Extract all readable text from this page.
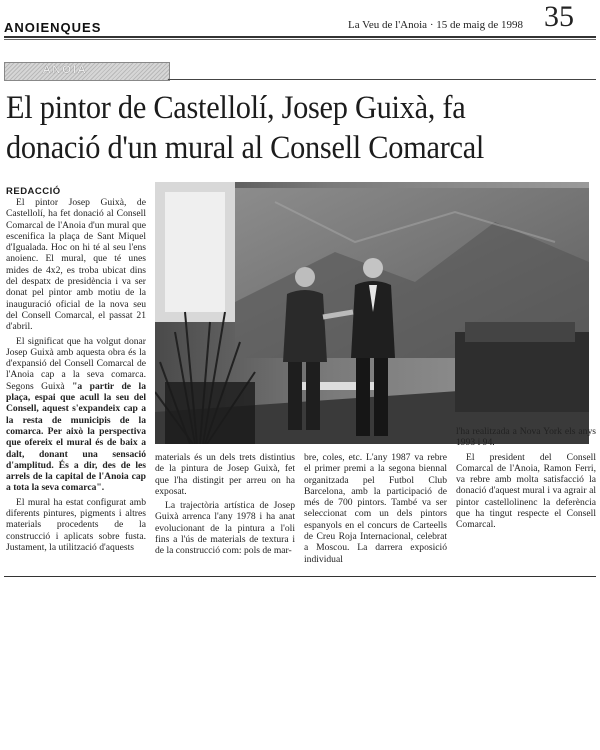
ANOIENQUES	La Veu de l'Anoia · 15 de maig de 1998 35
ANOIA
El pintor de Castellolí, Josep Guixà, fa donació d'un mural al Consell Comarcal
REDACCIÓ

El pintor Josep Guixà, de Castellolí, ha fet donació al Consell Comarcal de l'Anoia d'un mural que escenifica la plaça de Sant Miquel d'Igualada. Hoc on hi té al seu l'ens anoienc. El mural, que té unes mides de 4x2, es troba ubicat dins del despatx de presidència i va ser donat pel pintor amb motiu de la inauguració oficial de la nova seu del Consell Comarcal, el passat 21 d'abril.

El significat que ha volgut donar Josep Guixà amb aquesta obra és la d'expansió del Consell Comarcal de l'Anoia cap a la seva comarca. Segons Guixà "a partir de la plaça, espai que acull la seu del Consell, aquest s'expandeix cap a la resta de municipis de la comarca. Per això la perspectiva que ofereix el mural és de baix a dalt, donant una sensació d'amplitud. És a dir, des de les arrels de la capital de l'Anoia cap a tota la seva comarca".

El mural ha estat configurat amb diferents pintures, pigments i altres materials procedents de la construcció i aplicats sobre fusta. Justament, la utilització d'aquests

materials és un dels trets distintius de la pintura de Josep Guixà, fet que l'ha distingit per arreu on ha exposat.

La trajectòria artística de Josep Guixà arrenca l'any 1978 i ha anat evolucionant de la pintura a l'oli fins a l'ús de materials de textura i de la construcció com: pols de mar-

bre, coles, etc. L'any 1987 va rebre el primer premi a la segona biennal organitzada pel Futbol Club Barcelona, amb la participació de més de 700 pintors. També va ser seleccionat com un dels pintors espanyols en el concurs de Carteells de Creu Roja Internacional, celebrat a Moscou. La darrera exposició individual

l'ha realitzada a Nova York els anys 1993 i 94.

El president del Consell Comarcal de l'Anoia, Ramon Ferri, va rebre amb molta satisfacció la donació d'aquest mural i va agrair al pintor castellolinenc la deferència que ha tingut respecte el Consell Comarcal.
